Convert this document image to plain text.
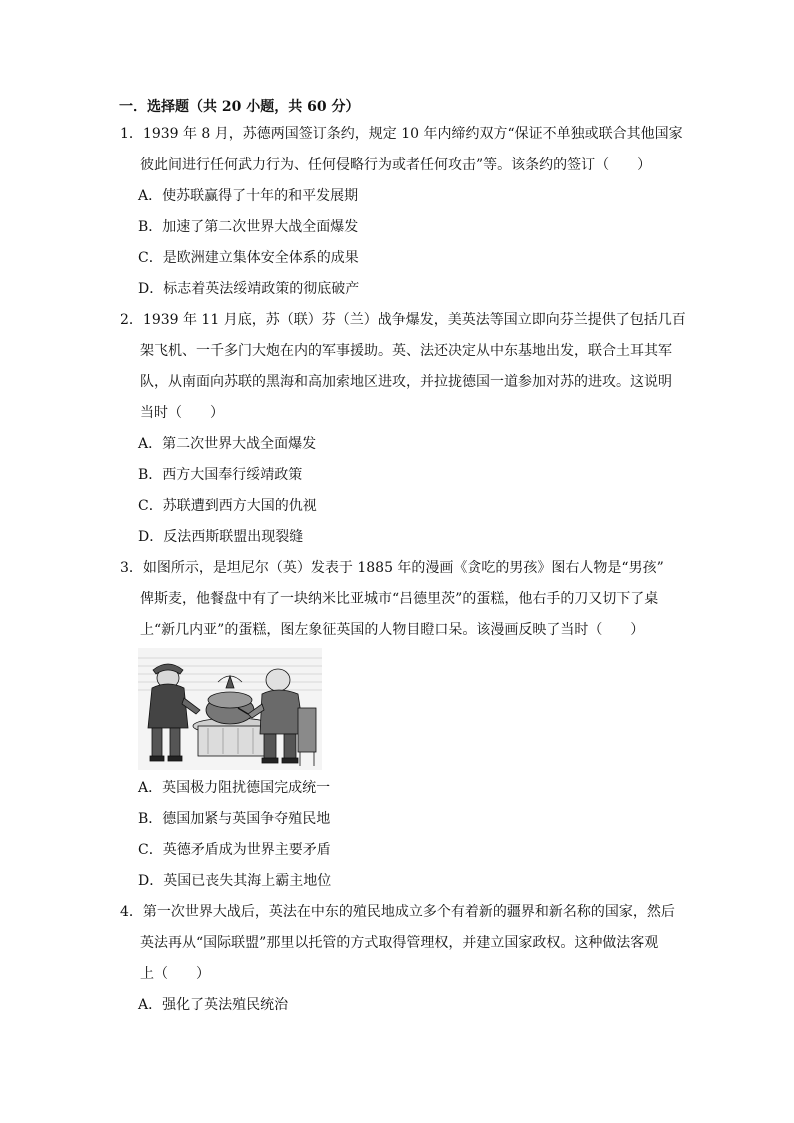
一．选择题（共 20 小题，共 60 分）
1．1939 年 8 月，苏德两国签订条约，规定 10 年内缔约双方“保证不单独或联合其他国家
彼此间进行任何武力行为、任何侵略行为或者任何攻击”等。该条约的签订（　　）
A．使苏联赢得了十年的和平发展期
B．加速了第二次世界大战全面爆发
C．是欧洲建立集体安全体系的成果
D．标志着英法绥靖政策的彻底破产
2．1939 年 11 月底，苏（联）芬（兰）战争爆发，美英法等国立即向芬兰提供了包括几百
架飞机、一千多门大炮在内的军事援助。英、法还决定从中东基地出发，联合土耳其军
队，从南面向苏联的黑海和高加索地区进攻，并拉拢德国一道参加对苏的进攻。这说明
当时（　　）
A．第二次世界大战全面爆发
B．西方大国奉行绥靖政策
C．苏联遭到西方大国的仇视
D．反法西斯联盟出现裂缝
3．如图所示，是坦尼尔（英）发表于 1885 年的漫画《贪吃的男孩》图右人物是“男孩”
俾斯麦，他餐盘中有了一块纳米比亚城市“吕德里茨”的蛋糕，他右手的刀又切下了桌
上“新几内亚”的蛋糕，图左象征英国的人物目瞪口呆。该漫画反映了当时（　　）
A．英国极力阻扰德国完成统一
B．德国加紧与英国争夺殖民地
C．英德矛盾成为世界主要矛盾
D．英国已丧失其海上霸主地位
4．第一次世界大战后，英法在中东的殖民地成立多个有着新的疆界和新名称的国家，然后
英法再从“国际联盟”那里以托管的方式取得管理权，并建立国家政权。这种做法客观
上（　　）
A．强化了英法殖民统治
